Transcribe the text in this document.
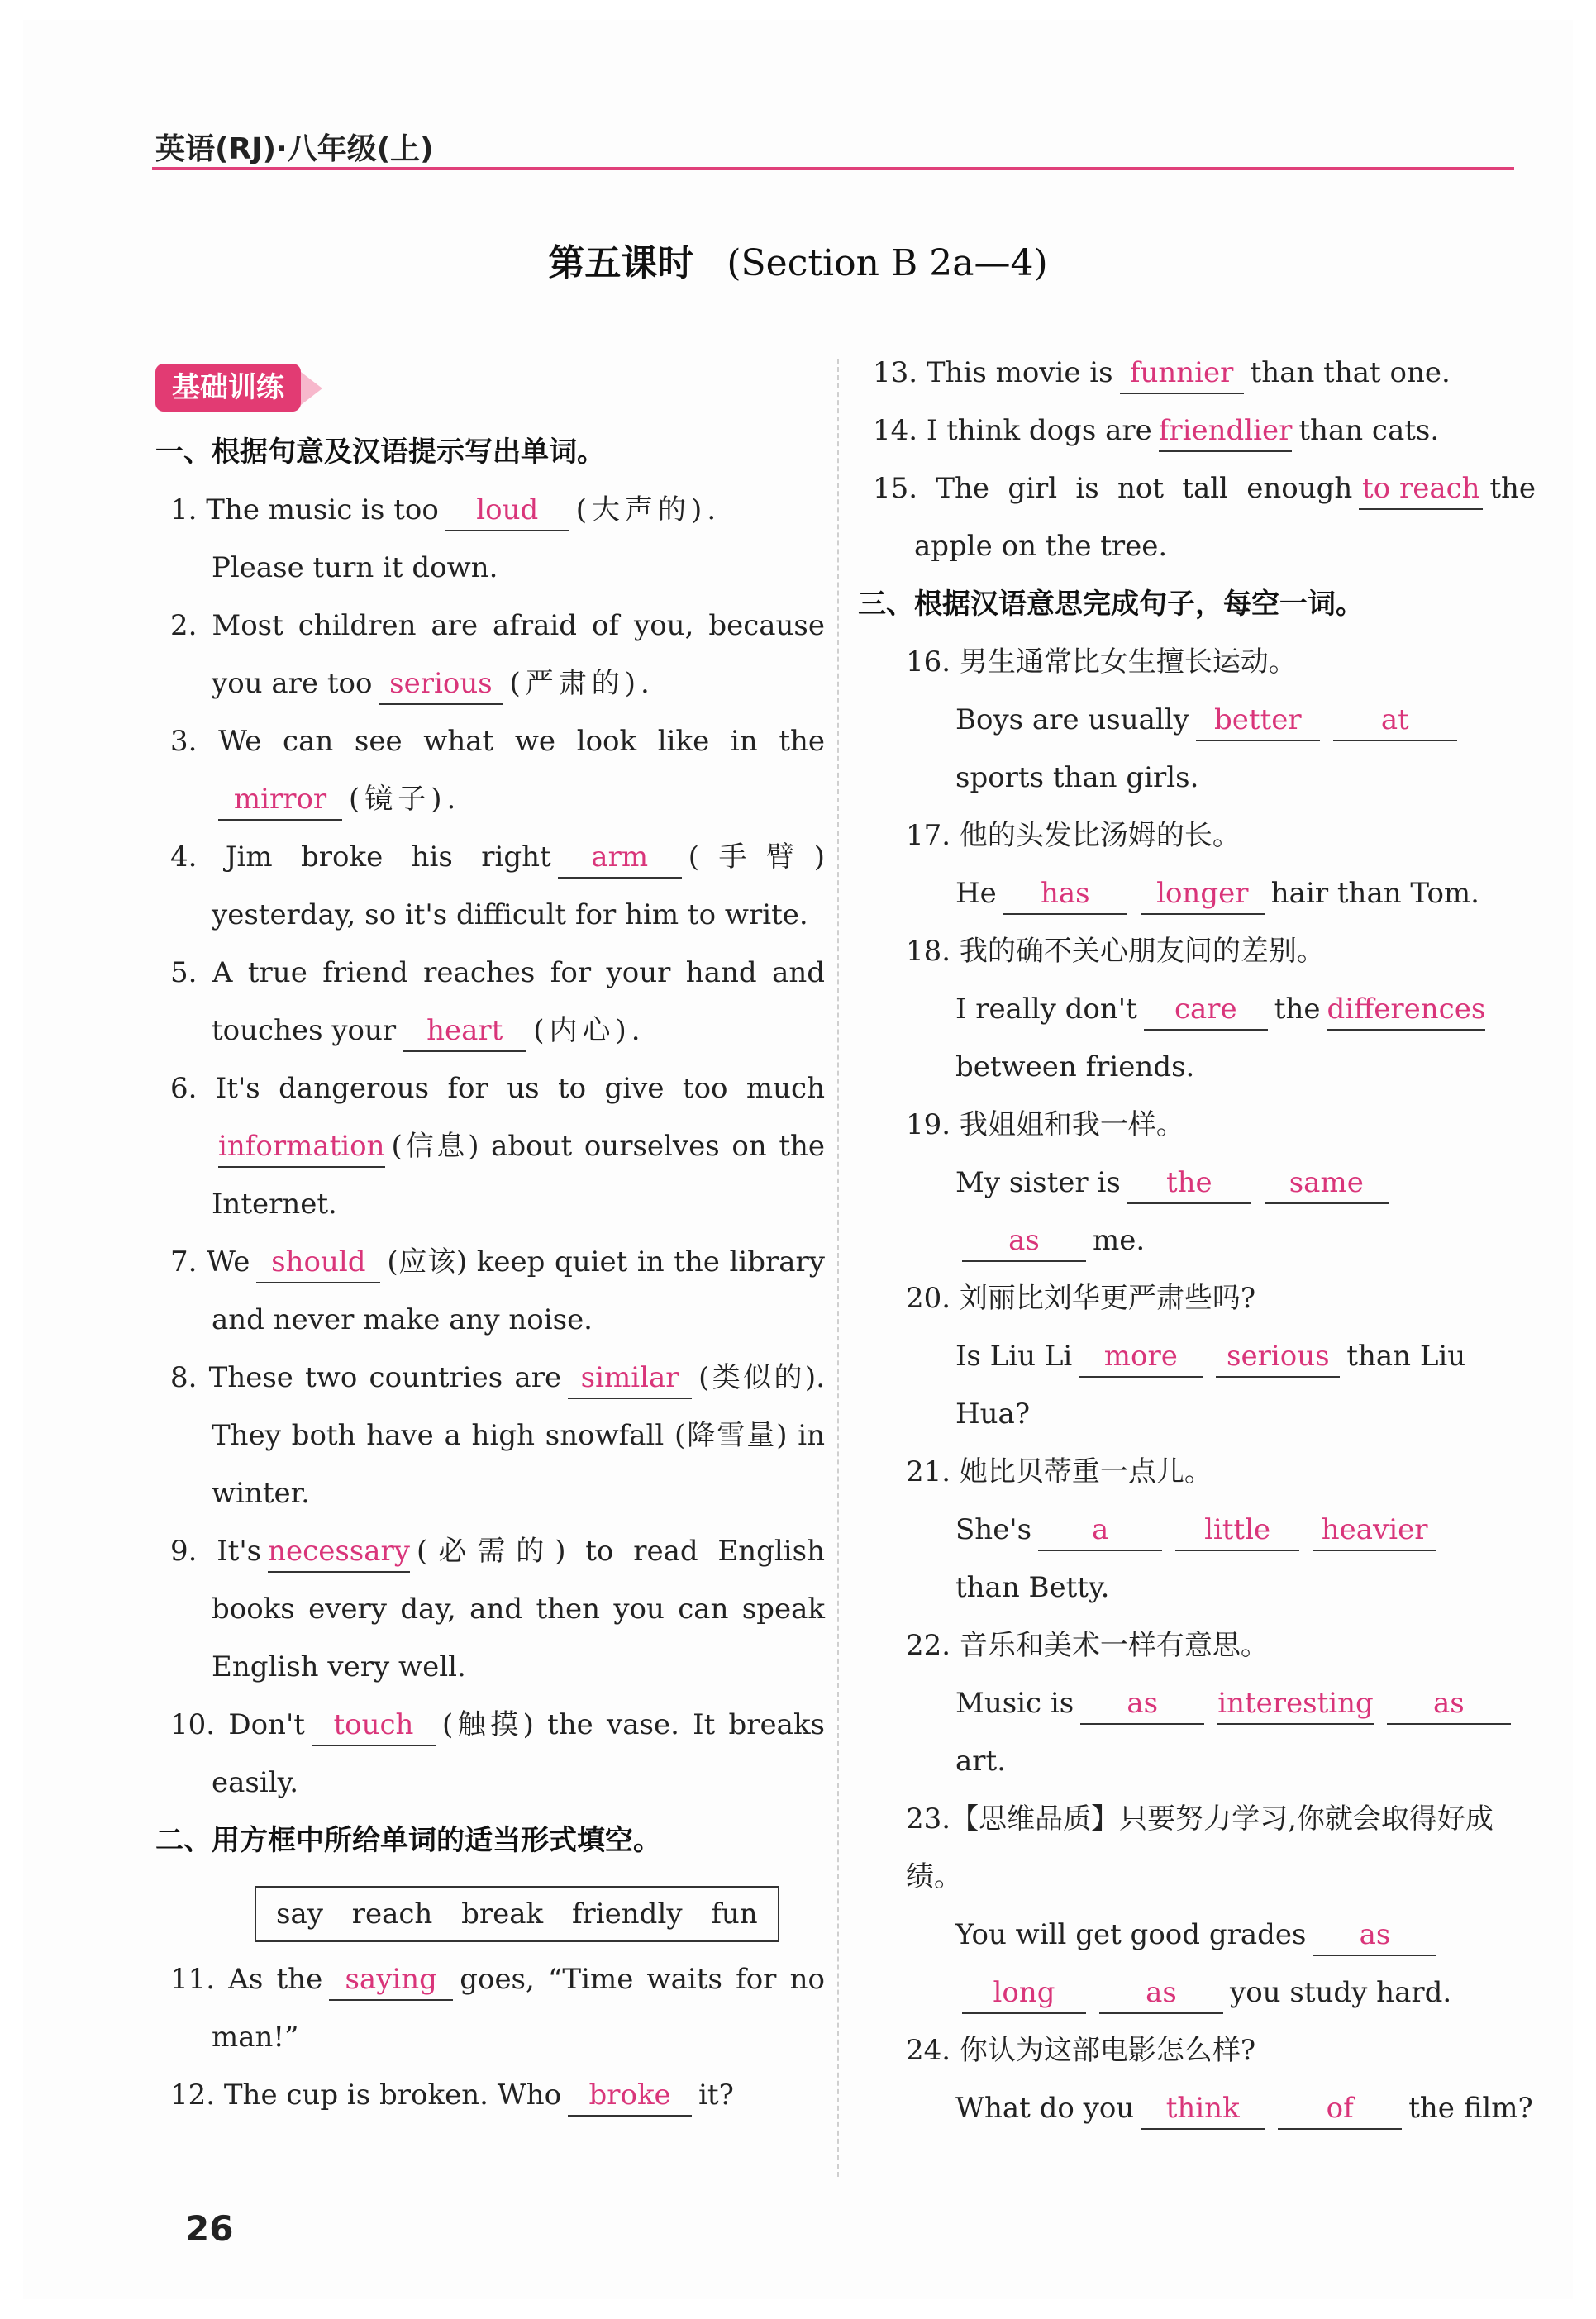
英语(RJ)·八年级(上)
第五课时 (Section B 2a—4)
基础训练
一、根据句意及汉语提示写出单词。

1. The music is too loud (大声的).
Please turn it down.

2. Most children are afraid of you, because you are too serious (严肃的).

3. We can see what we look like in themirror (镜子).

4. Jim broke his right arm (手臂) yesterday, so it's difficult for him to write.

5. A true friend reaches for your hand and touches your heart (内心).

6. It's dangerous for us to give too muchinformation (信息) about ourselves on the Internet.

7. We should (应该) keep quiet in the library and never make any noise.

8. These two countries are similar (类似的). They both have a high snowfall (降雪量) in winter.

9. It's necessary (必需的) to read English books every day, and then you can speak English very well.

10. Don't touch (触摸) the vase. It breaks easily.

二、用方框中所给单词的适当形式填空。
say reach break friendly fun

11. As the saying goes, “Time waits for no man!”

12. The cup is broken. Who broke it?

13. This movie is funnier than that one.

14. I think dogs are friendlier than cats.

15. The girl is not tall enough to reach the apple on the tree.

三、根据汉语意思完成句子，每空一词。

16. 男生通常比女生擅长运动。

Boys are usually better	at
sports than girls.

17. 他的头发比汤姆的长。

He has longer hair than Tom.

18. 我的确不关心朋友间的差别。

I really don't care the differences
between friends.

19. 我姐姐和我一样。

My sister is the	same
as me.

20. 刘丽比刘华更严肃些吗?

Is Liu Li more serious than Liu Hua?

21. 她比贝蒂重一点儿。

She's a	little heavier
than Betty.

22. 音乐和美术一样有意思。

Music is as interesting asart.

23.【思维品质】只要努力学习,你就会取得好成绩。

You will get good grades as
long	as you study hard.

24. 你认为这部电影怎么样?

What do you think	of the film?

26
